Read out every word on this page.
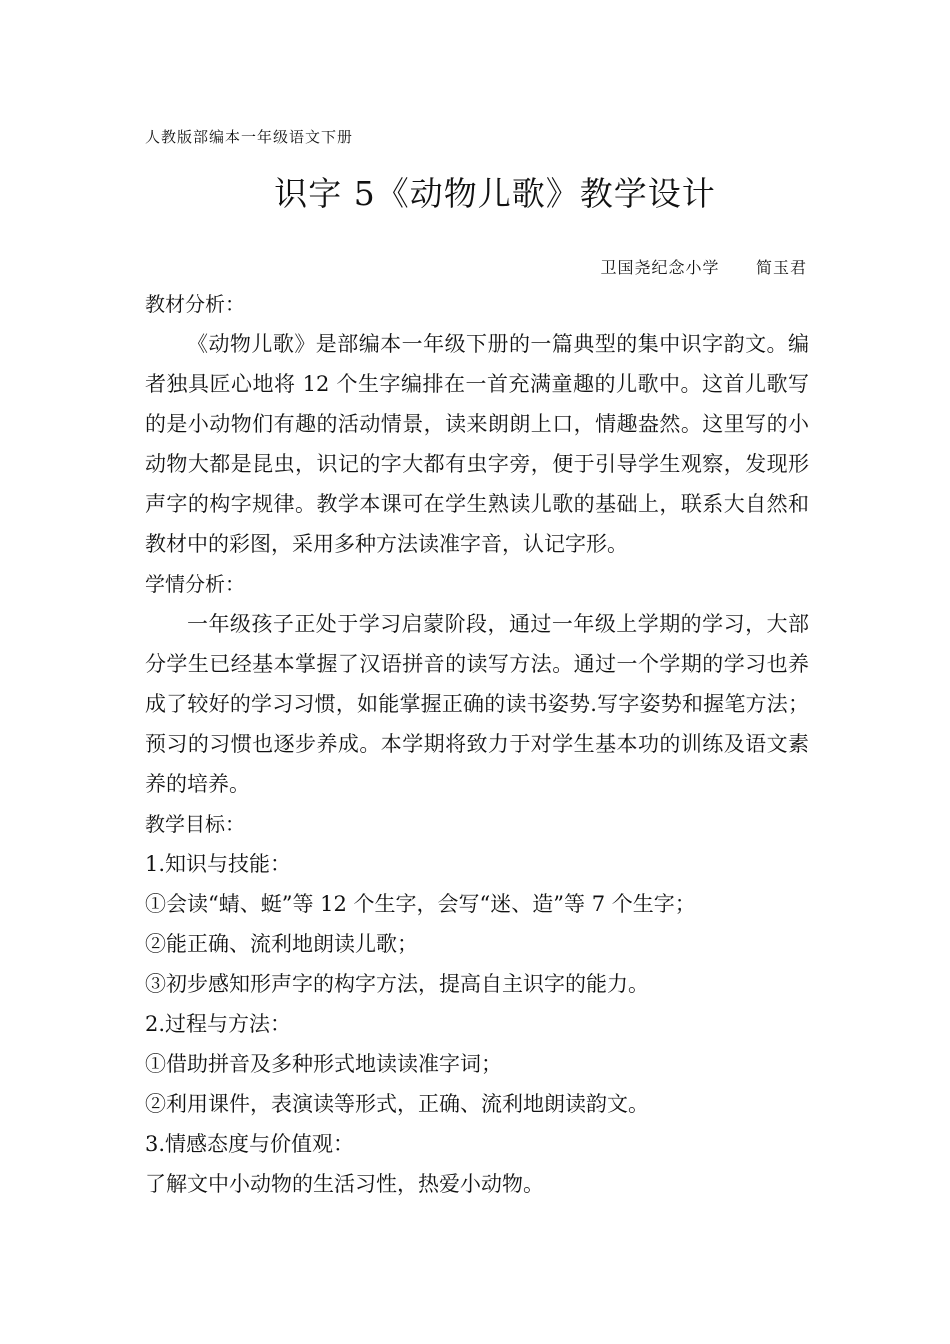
人教版部编本一年级语文下册
识字 5《动物儿歌》教学设计
卫国尧纪念小学      简玉君

教材分析：

《动物儿歌》是部编本一年级下册的一篇典型的集中识字韵文。编者独具匠心地将 12 个生字编排在一首充满童趣的儿歌中。这首儿歌写的是小动物们有趣的活动情景，读来朗朗上口，情趣盎然。这里写的小动物大都是昆虫，识记的字大都有虫字旁，便于引导学生观察，发现形声字的构字规律。教学本课可在学生熟读儿歌的基础上，联系大自然和教材中的彩图，采用多种方法读准字音，认记字形。

学情分析：

一年级孩子正处于学习启蒙阶段，通过一年级上学期的学习，大部分学生已经基本掌握了汉语拼音的读写方法。通过一个学期的学习也养成了较好的学习习惯，如能掌握正确的读书姿势.写字姿势和握笔方法；预习的习惯也逐步养成。本学期将致力于对学生基本功的训练及语文素养的培养。

教学目标：

1.知识与技能：

①会读“蜻、蜓”等 12 个生字，会写“迷、造”等 7 个生字；

②能正确、流利地朗读儿歌；

③初步感知形声字的构字方法，提高自主识字的能力。

2.过程与方法：

①借助拼音及多种形式地读读准字词；

②利用课件，表演读等形式，正确、流利地朗读韵文。

3.情感态度与价值观：

了解文中小动物的生活习性，热爱小动物。
